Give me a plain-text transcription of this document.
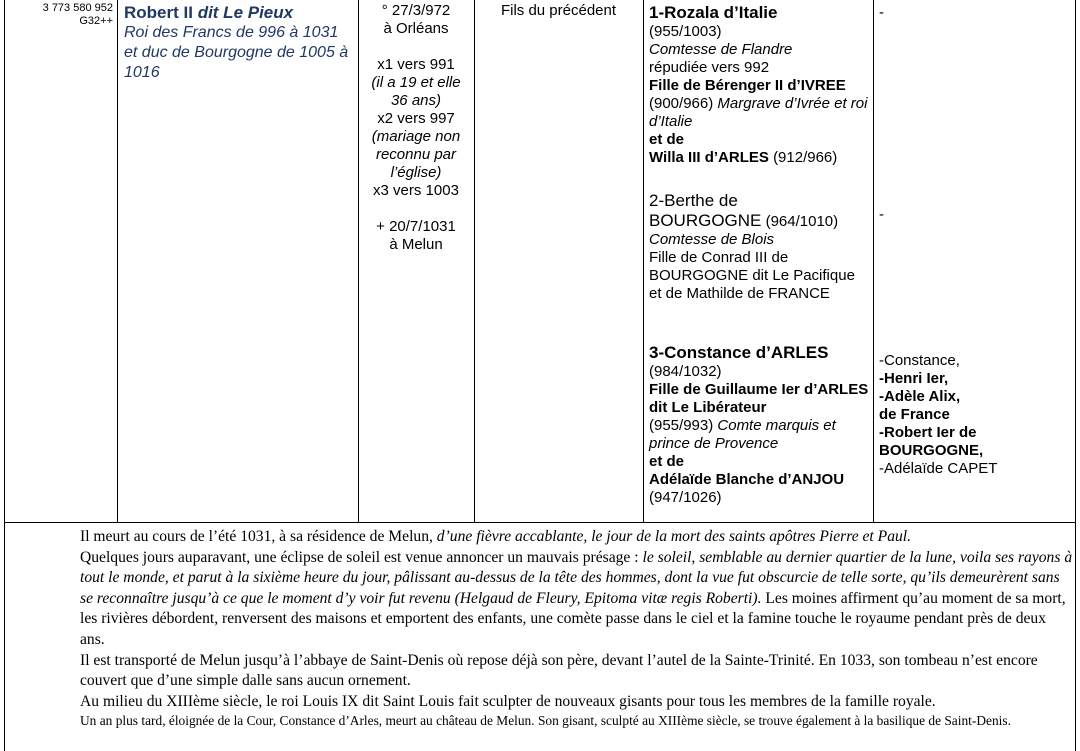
3 773 580 952
G32++ Robert II dit Le Pieux
Roi des Francs de 996 à 1031 et duc de Bourgogne de 1005 à 1016
° 27/3/972
à Orléans
x1 vers 991
(il a 19 et elle 36 ans)
x2 vers 997
(mariage non reconnu par l’église)
x3 vers 1003
+ 20/7/1031
à Melun
Fils du précédent	1-Rozala d’Italie
(955/1003)
Comtesse de Flandre
répudiée vers 992
Fille de Bérenger II d’IVREE
(900/966) Margrave d’Ivrée et roi d’Italie
et de
Willa III d’ARLES (912/966)
2-Berthe de
BOURGOGNE (964/1010)
Comtesse de Blois
Fille de Conrad III de BOURGOGNE dit Le Pacifique et de Mathilde de FRANCE
3-Constance d’ARLES
(984/1032)
Fille de Guillaume Ier d’ARLES dit Le Libérateur
(955/993) Comte marquis et prince de Provence
et de
Adélaïde Blanche d’ANJOU
(947/1026)
-
-
-Constance,
-Henri Ier,
-Adèle Alix,
de France
-Robert Ier de BOURGOGNE,
-Adélaïde CAPET

Il meurt au cours de l’été 1031, à sa résidence de Melun, d’une fièvre accablante, le jour de la mort des saints apôtres Pierre et Paul.

Quelques jours auparavant, une éclipse de soleil est venue annoncer un mauvais présage : le soleil, semblable au dernier quartier de la lune, voila ses rayons à tout le monde, et parut à la sixième heure du jour, pâlissant au-dessus de la tête des hommes, dont la vue fut obscurcie de telle sorte, qu’ils demeurèrent sans se reconnaître jusqu’à ce que le moment d’y voir fut revenu (Helgaud de Fleury, Epitoma vitæ regis Roberti). Les moines affirment qu’au moment de sa mort, les rivières débordent, renversent des maisons et emportent des enfants, une comète passe dans le ciel et la famine touche le royaume pendant près de deux ans.

Il est transporté de Melun jusqu’à l’abbaye de Saint-Denis où repose déjà son père, devant l’autel de la Sainte-Trinité. En 1033, son tombeau n’est encore couvert que d’une simple dalle sans aucun ornement.

Au milieu du XIIIème siècle, le roi Louis IX dit Saint Louis fait sculpter de nouveaux gisants pour tous les membres de la famille royale.

Un an plus tard, éloignée de la Cour, Constance d’Arles, meurt au château de Melun. Son gisant, sculpté au XIIIème siècle, se trouve également à la basilique de Saint-Denis.
